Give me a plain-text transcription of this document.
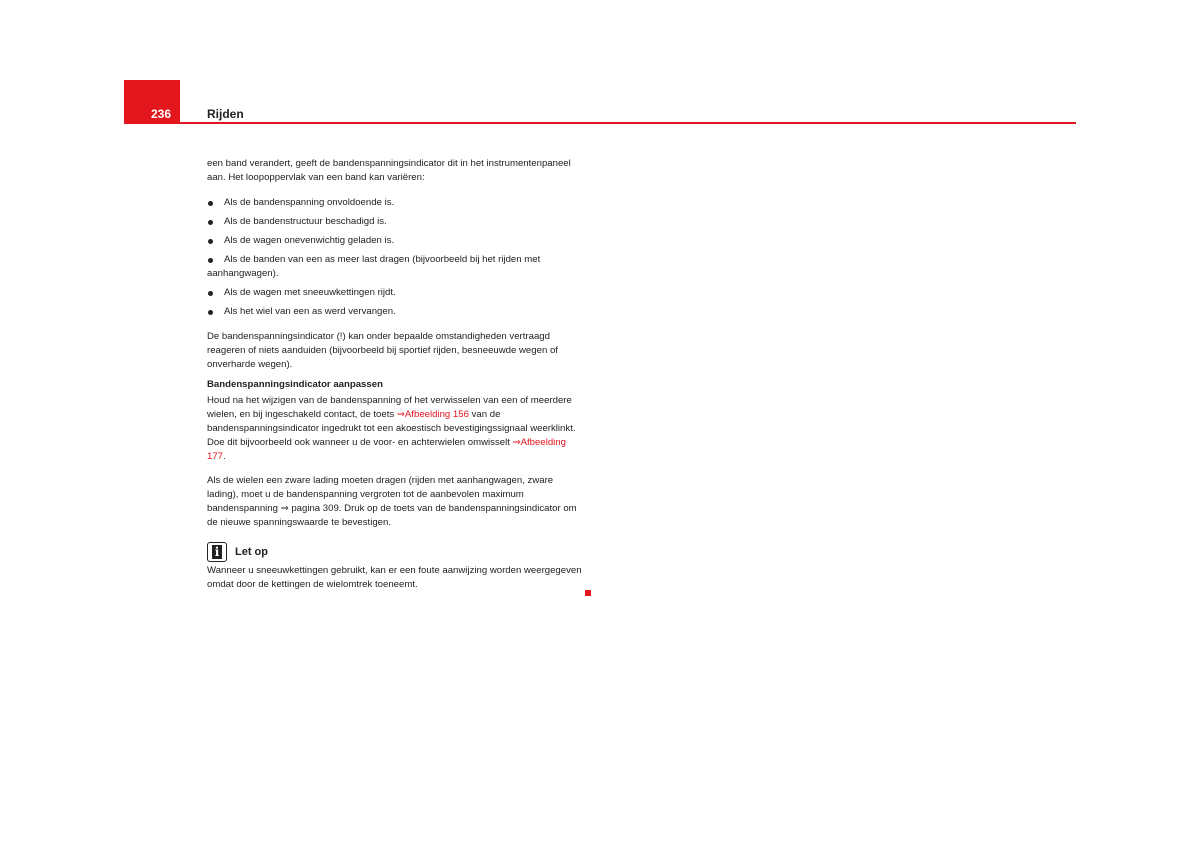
236	Rijden

een band verandert, geeft de bandenspanningsindicator dit in het instrumentenpaneel aan. Het loopoppervlak van een band kan variëren:

Als de bandenspanning onvoldoende is.
Als de bandenstructuur beschadigd is.
Als de wagen onevenwichtig geladen is.
Als de banden van een as meer last dragen (bijvoorbeeld bij het rijden met aanhangwagen).
Als de wagen met sneeuwkettingen rijdt.
Als het wiel van een as werd vervangen.

De bandenspanningsindicator (!) kan onder bepaalde omstandigheden vertraagd reageren of niets aanduiden (bijvoorbeeld bij sportief rijden, besneeuwde wegen of onverharde wegen).

Bandenspanningsindicator aanpassen

Houd na het wijzigen van de bandenspanning of het verwisselen van een of meerdere wielen, en bij ingeschakeld contact, de toets ⇒Afbeelding 156 van de bandenspanningsindicator ingedrukt tot een akoestisch bevestigingssignaal weerklinkt. Doe dit bijvoorbeeld ook wanneer u de voor- en achterwielen omwisselt ⇒Afbeelding 177.

Als de wielen een zware lading moeten dragen (rijden met aanhangwagen, zware lading), moet u de bandenspanning vergroten tot de aanbevolen maximum bandenspanning ⇒ pagina 309. Druk op de toets van de bandenspanningsindicator om de nieuwe spanningswaarde te bevestigen.

i Let op

Wanneer u sneeuwkettingen gebruikt, kan er een foute aanwijzing worden weergegeven omdat door de kettingen de wielomtrek toeneemt.
